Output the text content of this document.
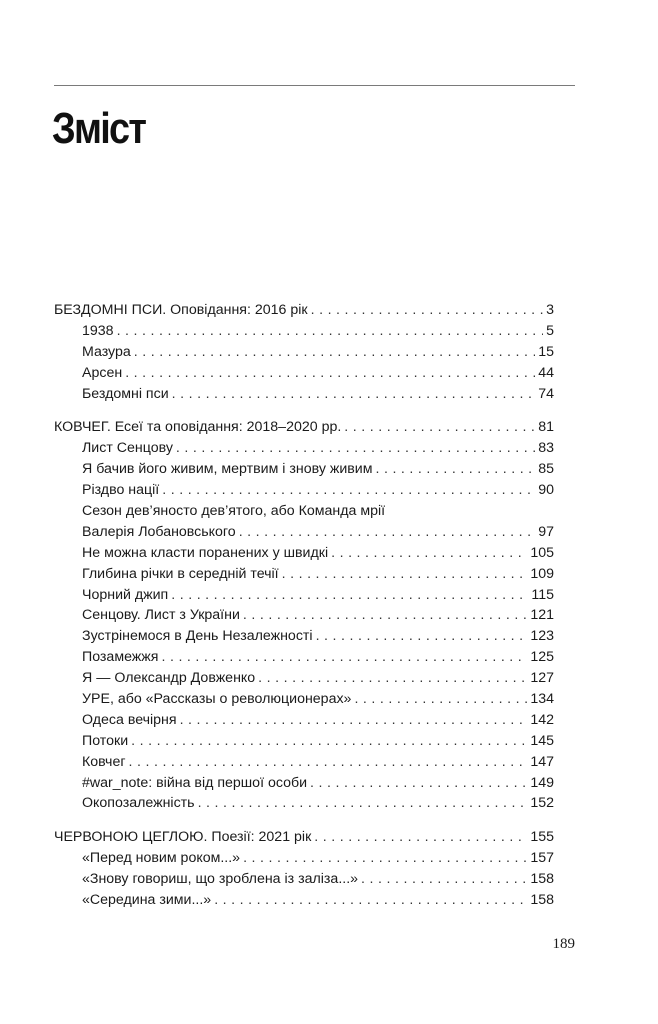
Зміст
БЕЗДОМНІ ПСИ. Оповідання: 2016 рік . . .	3
1938 . . .	5
Мазура . . .	15
Арсен . . .	44
Бездомні пси . . .	74
КОВЧЕГ. Есеї та оповідання: 2018–2020 рр. . . .	81
Лист Сенцову . . .	83
Я бачив його живим, мертвим і знову живим . . .	85
Різдво нації . . .	90
Сезон дев’яносто дев’ятого, або Команда мрії
Валерія Лобановського . . .	97
Не можна класти поранених у швидкі . . .	105
Глибина річки в середній течії . . .	109
Чорний джип . . .	115
Сенцову. Лист з України . . .	121
Зустрінемося в День Незалежності . . .	123
Позамежжя . . .	125
Я — Олександр Довженко . . .	127
УРЕ, або «Рассказы о революционерах» . . .	134
Одеса вечірня . . .	142
Потоки . . .	145
Ковчег . . .	147
#war_note: війна від першої особи . . .	149
Окопозалежність . . .	152
ЧЕРВОНОЮ ЦЕГЛОЮ. Поезії: 2021 рік . . .	155
«Перед новим роком...» . . .	157
«Знову говориш, що зроблена із заліза...» . . .	158
«Середина зими...» . . .	158
189
